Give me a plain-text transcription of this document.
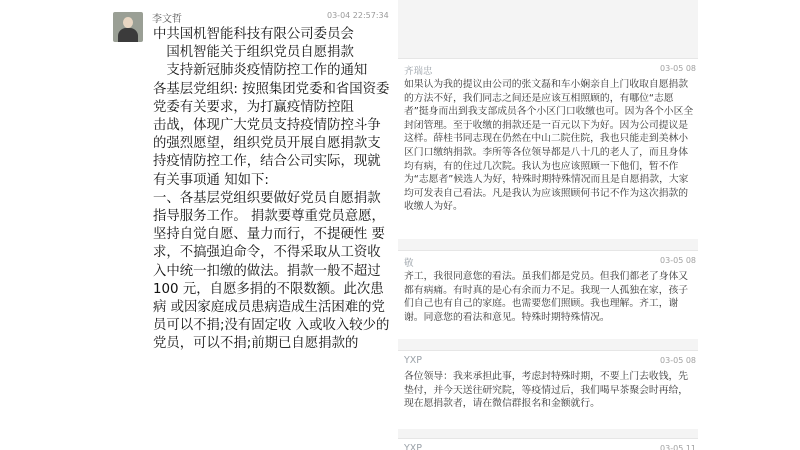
李文哲	03-04 22:57:34

中共国机智能科技有限公司委员会

　国机智能关于组织党员自愿捐款

　支持新冠肺炎疫情防控工作的通知

各基层党组织: 按照集团党委和省国资委党委有关要求，为打赢疫情防控阻

击战，体现广大党员支持疫情防控斗争的强烈愿望，组织党员开展自愿捐款支持疫情防控工作，结合公司实际，现就有关事项通 知如下:

一、各基层党组织要做好党员自愿捐款指导服务工作。 捐款要尊重党员意愿，坚持自觉自愿、量力而行，不提硬性 要求，不搞强迫命令，不得采取从工资收入中统一扣缴的做法。捐款一般不超过 100 元，自愿多捐的不限数额。此次患病 或因家庭成员患病造成生活困难的党员可以不捐;没有固定收 入或收入较少的党员，可以不捐;前期已自愿捐款的

齐瑞忠	03-05 08
如果认为我的提议由公司的张文磊和车小娴亲自上门收取自愿捐款的方法不好，我们同志之间还是应该互相照顾的，有哪位“志愿者”挺身而出到我支部成员各个小区门口收缴也可。因为各个小区全封闭管理。至于收缴的捐款还是一百元以下为好。因为公司提议是这样。薛桂书同志现在仍然在中山二院住院，我也只能走到美林小区门口缴纳捐款。李所等各位领导都是八十几的老人了，而且身体均有病，有的住过几次院。我认为也应该照顾一下他们，暂不作为“志愿者”候选人为好，特殊时期特殊情况而且是自愿捐款，大家均可发表自己看法。凡是我认为应该照顾何书记不作为这次捐款的收缴人为好。
敬	03-05 08
齐工，我很同意您的看法。虽我们都是党员。但我们都老了身体又都有病痛。有时真的是心有余而力不足。我现一人孤独在家，孩子们自己也有自己的家庭。也需要您们照顾。我也理解。齐工，谢谢。同意您的看法和意见。特殊时期特殊情况。
YXP	03-05 08
各位领导：我来承担此事，考虑封特殊时期，不要上门去收钱，先垫付，并今天送往研究院，等疫情过后，我们喝早茶聚会时再给，现在愿捐款者，请在微信群报名和金额就行。
YXP	03-05 11
